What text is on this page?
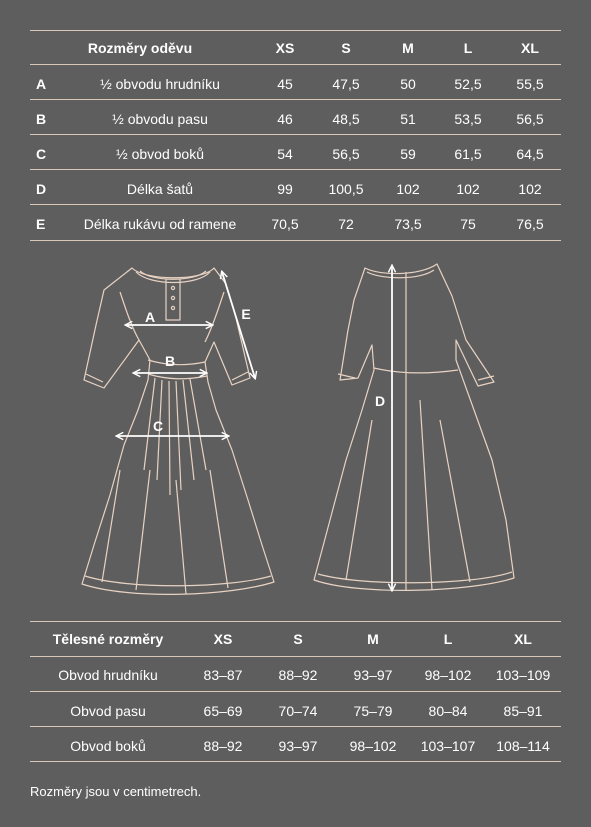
Rozměry oděvu	XS	S	M	L	XL
A	½ obvodu hrudníku	45	47,5	50	52,5	55,5
B	½ obvodu pasu	46	48,5	51	53,5	56,5
C	½ obvod boků	54	56,5	59	61,5	64,5
D	Délka šatů	99	100,5	102	102	102
E	Délka rukávu od ramene	70,5	72	73,5	75	76,5
A
B
C
D
E
Tělesné rozměry	XS	S	M	L	XL
Obvod hrudníku	83–87	88–92	93–97	98–102	103–109
Obvod pasu	65–69	70–74	75–79	80–84	85–91
Obvod boků	88–92	93–97	98–102	103–107 108–114
Rozměry jsou v centimetrech.
